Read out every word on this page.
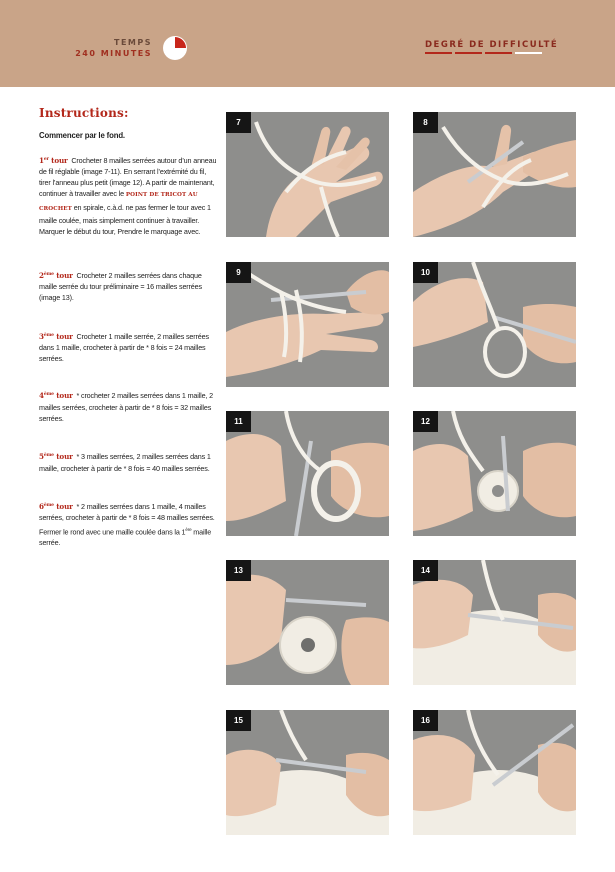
TEMPS
240 MINUTES
DEGRÉ DE DIFFICULTÉ
Instructions:
Commencer par le fond.

1er tour Crocheter 8 mailles serrées autour d’un anneau de fil réglable (image 7-11). En serrant l’extrémité du fil, tirer l’anneau plus petit (image 12). A partir de maintenant, continuer à travailler avec le POINT DE TRICOT AU CROCHET en spirale, c.à.d. ne pas fermer le tour avec 1 maille coulée, mais simplement continuer à travailler. Marquer le début du tour, Prendre le marquage avec.

2ème tour Crocheter 2 mailles serrées dans chaque maille serrée du tour préliminaire = 16 mailles serrées (image 13).

3ème tour Crocheter 1 maille serrée, 2 mailles serrées dans 1 maille, crocheter à partir de * 8 fois = 24 mailles serrées.

4ème tour * crocheter 2 mailles serrées dans 1 maille, 2 mailles serrées, crocheter à partir de * 8 fois = 32 mailles serrées.

5ème tour * 3 mailles serrées, 2 mailles serrées dans 1 maille, crocheter à partir de * 8 fois = 40 mailles serrées.

6ème tour * 2 mailles serrées dans 1 maille, 4 mailles serrées, crocheter à partir de * 8 fois = 48 mailles serrées. Fermer le rond avec une maille coulée dans la 1ère maille serrée.

7	8
9	10
11	12
13	14
15	16
